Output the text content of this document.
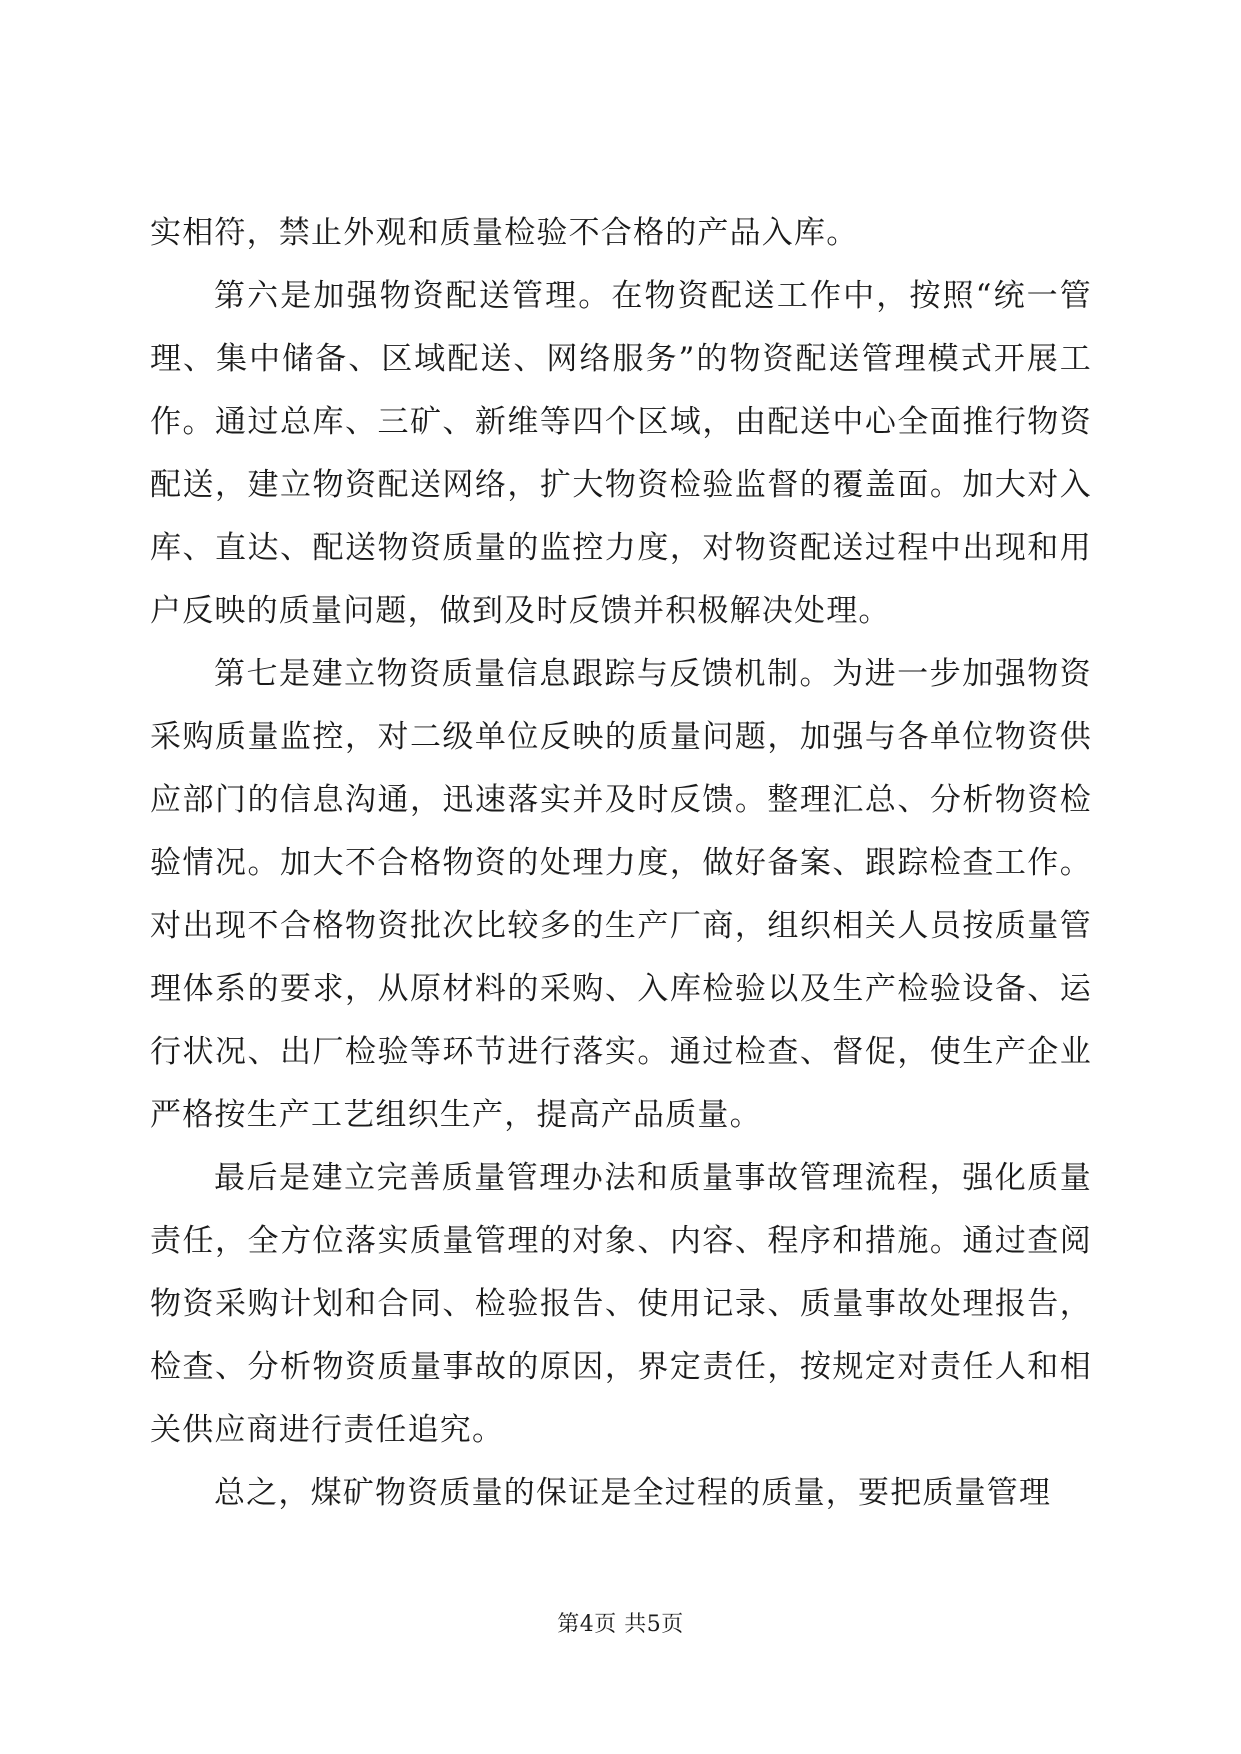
实相符，禁止外观和质量检验不合格的产品入库。

第六是加强物资配送管理。在物资配送工作中，按照“统一管理、集中储备、区域配送、网络服务”的物资配送管理模式开展工作。通过总库、三矿、新维等四个区域，由配送中心全面推行物资配送，建立物资配送网络，扩大物资检验监督的覆盖面。加大对入库、直达、配送物资质量的监控力度，对物资配送过程中出现和用户反映的质量问题，做到及时反馈并积极解决处理。

第七是建立物资质量信息跟踪与反馈机制。为进一步加强物资采购质量监控，对二级单位反映的质量问题，加强与各单位物资供应部门的信息沟通，迅速落实并及时反馈。整理汇总、分析物资检验情况。加大不合格物资的处理力度，做好备案、跟踪检查工作。对出现不合格物资批次比较多的生产厂商，组织相关人员按质量管理体系的要求，从原材料的采购、入库检验以及生产检验设备、运行状况、出厂检验等环节进行落实。通过检查、督促，使生产企业严格按生产工艺组织生产，提高产品质量。

最后是建立完善质量管理办法和质量事故管理流程，强化质量责任，全方位落实质量管理的对象、内容、程序和措施。通过查阅物资采购计划和合同、检验报告、使用记录、质量事故处理报告，检查、分析物资质量事故的原因，界定责任，按规定对责任人和相关供应商进行责任追究。

总之，煤矿物资质量的保证是全过程的质量，要把质量管理

第4页 共5页
